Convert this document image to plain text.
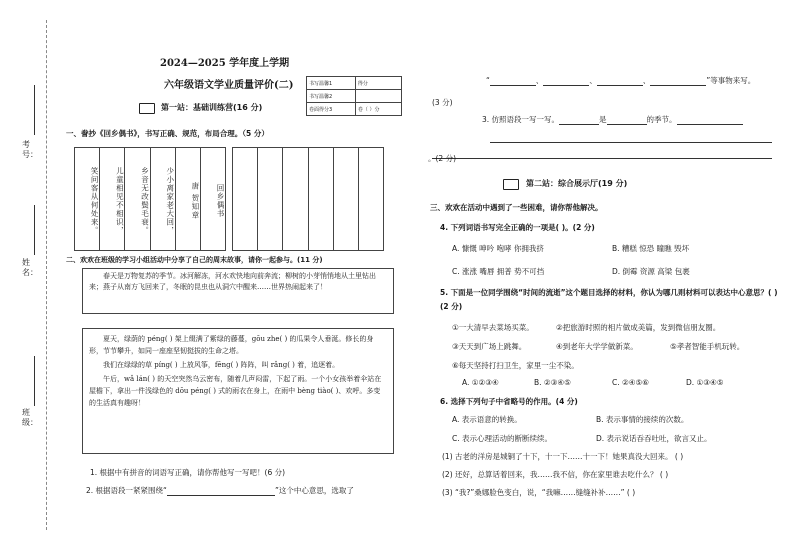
班级：
姓名：
考号：
2024—2025 学年度上学期
六年级语文学业质量评价(二)	书写温馨1	得分
书写温馨2	
卷面得分3	卷（ ）分
第一站：基础训练营(16 分)
一、誊抄《回乡偶书》，书写正确、规范，布局合理。（5 分）
笑问客从何处来。	儿童相见不相识，	乡音无改鬓毛衰。	少小离家老大回，	唐 贺知章	回乡偶书
二、欢欢在班级的学习小组活动中分享了自己的周末故事，请你一起参与。(11 分)
春天是万物复苏的季节。冰河解冻，河水欢快地向前奔流；柳树的小芽悄悄地从土里钻出来；燕子从南方飞回来了，冬眠的昆虫也从洞穴中醒来……世界热闹起来了！
夏天，绿荫的 pénɡ( ) 架上缀满了紫绿的藤蔓，ɡōu zhe( ) 的瓜果令人垂涎。修长的身形，节节攀升，如同一座座坚韧挺拔的生命之塔。
我们在绿绿的草 pínɡ( ) 上放风筝，fēnɡ( ) 阵阵，叫 rǎnɡ( ) 着，追逐着。
午后，wǎ lán( ) 的天空突然乌云密布，随着几声闷雷，下起了雨。一个小女孩举着伞站在屋檐下，拿出一件浅绿色的 dōu pénɡ( ) 式的雨衣在身上，在雨中 bènɡ tiào( )、欢呼。多变的生活真有趣呀！
1. 根据中有拼音的词语写正确，请你帮他写一写吧！(6 分)
2. 根据语段一紧紧围绕“	”这个中心意思，选取了
“	、	、	、	”等事物来写。
(3 分)
3. 仿照语段一写一写。	是	的季节。
。(2 分)
第二站：综合展示厅(19 分)
三、欢欢在活动中遇到了一些困难，请你帮他解决。
4. 下列词语书写完全正确的一项是( )。(2 分)
A. 慷慨 呻吟 咆哮 你拥我挤	B. 糟糕 惊恐 瞳瞧 毁坏
C. 涨涨 嘴唇 拥普 势不可挡	D. 倒霉 资源 高梁 包裹
5. 下面是一位同学围绕“时间的流逝”这个题目选择的材料，你认为哪几则材料可以表达中心意思？( )(2 分)
①一大清早去菜场买菜。	②把旅游时照的相片做成美篇，发到微信朋友圈。
③天天到广场上跳舞。	④到老年大学学做新菜。	⑤孝者智能手机玩转。
⑥每天坚持打扫卫生，家里一尘不染。
A. ①②③④	B. ②③④⑤	C. ②④⑤⑥	D. ①③④⑤
6. 选择下列句子中省略号的作用。(4 分)
A. 表示语意的转换。	B. 表示事情的接续的次数。
C. 表示心理活动的断断续续。	D. 表示说话吞吞吐吐，欲言又止。
(1) 古老的洋房是城铜了十下，十一下……十一下！她果真没大回来。 ( )
(2) 还好，总算话着回来，我……我不信，你在家里谁去吃什么？ ( )
(3) “我?”桑娜脸色变白，说，“我嘛……缝缝补补……” ( )
